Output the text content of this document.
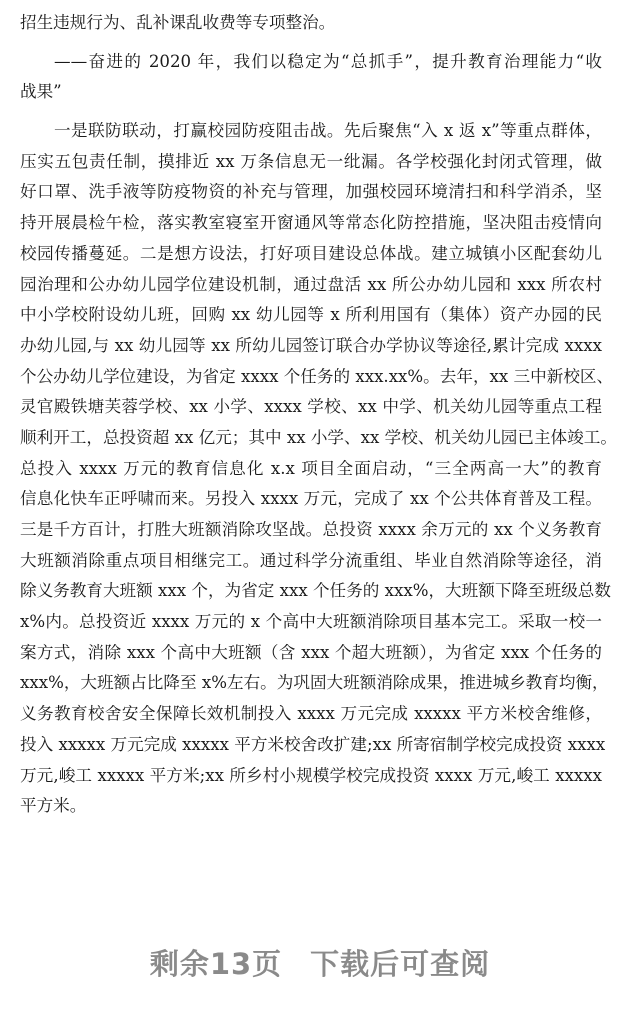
招生违规行为、乱补课乱收费等专项整治。
——奋进的 2020 年，我们以稳定为“总抓手”，提升教育治理能力“收
战果”
一是联防联动，打赢校园防疫阻击战。先后聚焦“入 x 返 x”等重点群体，
压实五包责任制，摸排近 xx 万条信息无一纰漏。各学校强化封闭式管理，做
好口罩、洗手液等防疫物资的补充与管理，加强校园环境清扫和科学消杀，坚
持开展晨检午检，落实教室寝室开窗通风等常态化防控措施，坚决阻击疫情向
校园传播蔓延。二是想方设法，打好项目建设总体战。建立城镇小区配套幼儿
园治理和公办幼儿园学位建设机制，通过盘活 xx 所公办幼儿园和 xxx 所农村
中小学校附设幼儿班，回购 xx 幼儿园等 x 所利用国有（集体）资产办园的民
办幼儿园,与 xx 幼儿园等 xx 所幼儿园签订联合办学协议等途径,累计完成 xxxx
个公办幼儿学位建设，为省定 xxxx 个任务的 xxx.xx%。去年，xx 三中新校区、
灵官殿铁塘芙蓉学校、xx 小学、xxxx 学校、xx 中学、机关幼儿园等重点工程
顺利开工，总投资超 xx 亿元；其中 xx 小学、xx 学校、机关幼儿园已主体竣工。
总投入 xxxx 万元的教育信息化 x.x 项目全面启动，“三全两高一大”的教育
信息化快车正呼啸而来。另投入 xxxx 万元，完成了 xx 个公共体育普及工程。
三是千方百计，打胜大班额消除攻坚战。总投资 xxxx 余万元的 xx 个义务教育
大班额消除重点项目相继完工。通过科学分流重组、毕业自然消除等途径，消
除义务教育大班额 xxx 个，为省定 xxx 个任务的 xxx%，大班额下降至班级总数
x%内。总投资近 xxxx 万元的 x 个高中大班额消除项目基本完工。采取一校一
案方式，消除 xxx 个高中大班额（含 xxx 个超大班额），为省定 xxx 个任务的
xxx%，大班额占比降至 x%左右。为巩固大班额消除成果，推进城乡教育均衡，
义务教育校舍安全保障长效机制投入 xxxx 万元完成 xxxxx 平方米校舍维修，
投入 xxxxx 万元完成 xxxxx 平方米校舍改扩建;xx 所寄宿制学校完成投资 xxxx
万元,峻工 xxxxx 平方米;xx 所乡村小规模学校完成投资 xxxx 万元,峻工 xxxxx
平方米。
剩余13页 下载后可查阅
